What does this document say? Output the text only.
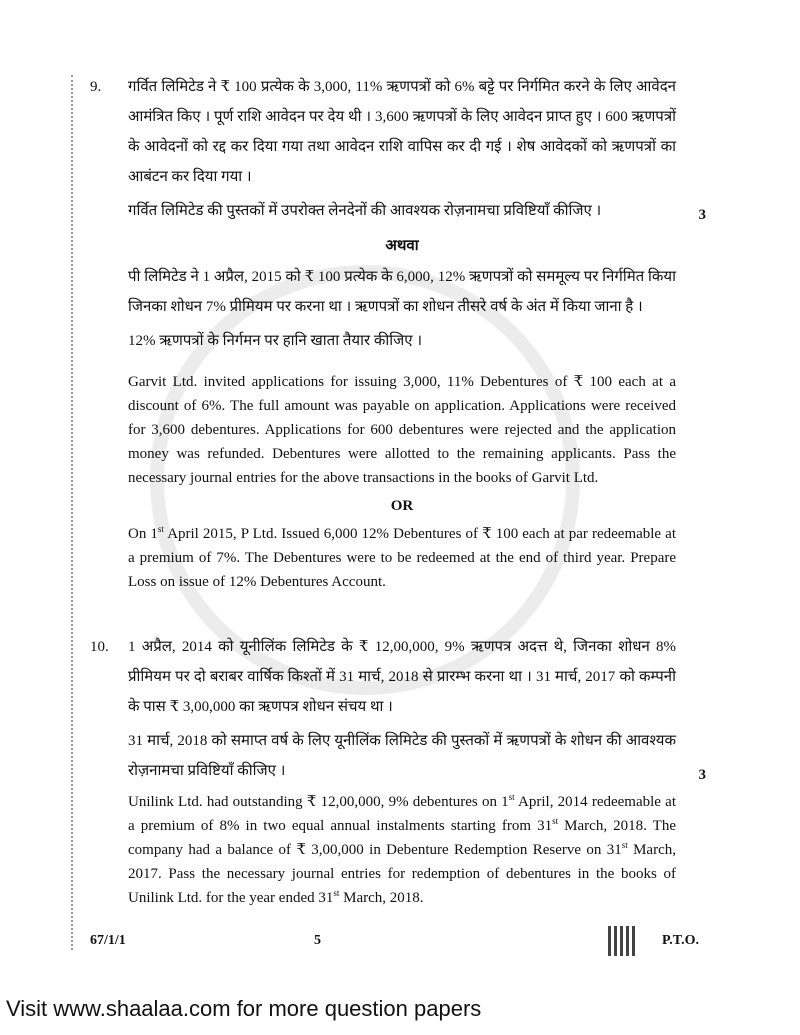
9.	गर्वित लिमिटेड ने ₹ 100 प्रत्येक के 3,000, 11% ऋणपत्रों को 6% बट्टे पर निर्गमित करने के लिए आवेदन आमंत्रित किए । पूर्ण राशि आवेदन पर देय थी । 3,600 ऋणपत्रों के लिए आवेदन प्राप्त हुए । 600 ऋणपत्रों के आवेदनों को रद्द कर दिया गया तथा आवेदन राशि वापिस कर दी गई । शेष आवेदकों को ऋणपत्रों का आबंटन कर दिया गया ।

गर्वित लिमिटेड की पुस्तकों में उपरोक्त लेनदेनों की आवश्यक रोज़नामचा प्रविष्टियाँ कीजिए ।	3
अथवा

पी लिमिटेड ने 1 अप्रैल, 2015 को ₹ 100 प्रत्येक के 6,000, 12% ऋणपत्रों को सममूल्य पर निर्गमित किया जिनका शोधन 7% प्रीमियम पर करना था । ऋणपत्रों का शोधन तीसरे वर्ष के अंत में किया जाना है ।

12% ऋणपत्रों के निर्गमन पर हानि खाता तैयार कीजिए ।

Garvit Ltd. invited applications for issuing 3,000, 11% Debentures of ₹ 100 each at a discount of 6%. The full amount was payable on application. Applications were received for 3,600 debentures. Applications for 600 debentures were rejected and the application money was refunded. Debentures were allotted to the remaining applicants. Pass the necessary journal entries for the above transactions in the books of Garvit Ltd.

OR

On 1st April 2015, P Ltd. Issued 6,000 12% Debentures of ₹ 100 each at par redeemable at a premium of 7%. The Debentures were to be redeemed at the end of third year. Prepare Loss on issue of 12% Debentures Account.

10.	1 अप्रैल, 2014 को यूनीलिंक लिमिटेड के ₹ 12,00,000, 9% ऋणपत्र अदत्त थे, जिनका शोधन 8% प्रीमियम पर दो बराबर वार्षिक किश्तों में 31 मार्च, 2018 से प्रारम्भ करना था । 31 मार्च, 2017 को कम्पनी के पास ₹ 3,00,000 का ऋणपत्र शोधन संचय था ।

31 मार्च, 2018 को समाप्त वर्ष के लिए यूनीलिंक लिमिटेड की पुस्तकों में ऋणपत्रों के शोधन की आवश्यक रोज़नामचा प्रविष्टियाँ कीजिए ।	3

Unilink Ltd. had outstanding ₹ 12,00,000, 9% debentures on 1st April, 2014 redeemable at a premium of 8% in two equal annual instalments starting from 31st March, 2018. The company had a balance of ₹ 3,00,000 in Debenture Redemption Reserve on 31st March, 2017. Pass the necessary journal entries for redemption of debentures in the books of Unilink Ltd. for the year ended 31st March, 2018.

67/1/1	5	P.T.O.
Visit www.shaalaa.com for more question papers
